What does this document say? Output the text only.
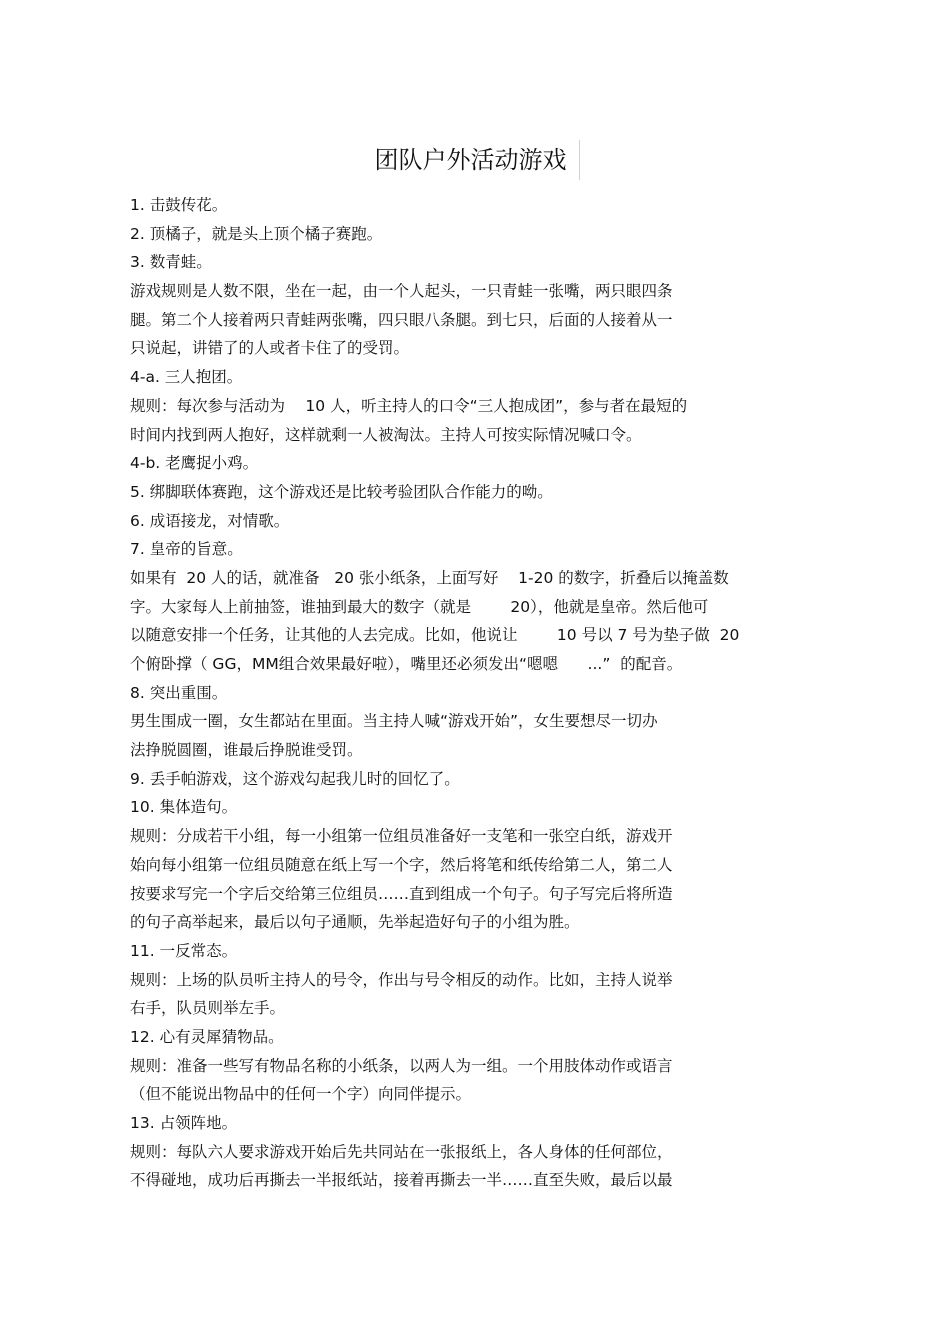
团队户外活动游戏
1. 击鼓传花。
2. 顶橘子，就是头上顶个橘子赛跑。
3. 数青蛙。
游戏规则是人数不限，坐在一起，由一个人起头，一只青蛙一张嘴，两只眼四条
腿。第二个人接着两只青蛙两张嘴，四只眼八条腿。到七只，后面的人接着从一
只说起，讲错了的人或者卡住了的受罚。
4-a. 三人抱团。
规则：每次参与活动为　 10 人，听主持人的口令“三人抱成团”，参与者在最短的
时间内找到两人抱好，这样就剩一人被淘汰。主持人可按实际情况喊口令。
4-b. 老鹰捉小鸡。
5. 绑脚联体赛跑，这个游戏还是比较考验团队合作能力的呦。
6. 成语接龙，对情歌。
7. 皇帝的旨意。
如果有  20 人的话，就准备   20 张小纸条，上面写好    1-20 的数字，折叠后以掩盖数
字。大家每人上前抽签，谁抽到最大的数字（就是        20），他就是皇帝。然后他可
以随意安排一个任务，让其他的人去完成。比如，他说让        10 号以 7 号为垫子做  20
个俯卧撑（ GG，MM组合效果最好啦），嘴里还必须发出“嗯嗯      ...”  的配音。
8. 突出重围。
男生围成一圈，女生都站在里面。当主持人喊“游戏开始”，女生要想尽一切办
法挣脱圆圈，谁最后挣脱谁受罚。
9. 丢手帕游戏，这个游戏勾起我儿时的回忆了。
10. 集体造句。
规则：分成若干小组，每一小组第一位组员准备好一支笔和一张空白纸，游戏开
始向每小组第一位组员随意在纸上写一个字，然后将笔和纸传给第二人，第二人
按要求写完一个字后交给第三位组员……直到组成一个句子。句子写完后将所造
的句子高举起来，最后以句子通顺，先举起造好句子的小组为胜。
11. 一反常态。
规则：上场的队员听主持人的号令，作出与号令相反的动作。比如，主持人说举
右手，队员则举左手。
12. 心有灵犀猜物品。
规则：准备一些写有物品名称的小纸条，以两人为一组。一个用肢体动作或语言
（但不能说出物品中的任何一个字）向同伴提示。
13. 占领阵地。
规则：每队六人要求游戏开始后先共同站在一张报纸上，各人身体的任何部位，
不得碰地，成功后再撕去一半报纸站，接着再撕去一半……直至失败，最后以最
